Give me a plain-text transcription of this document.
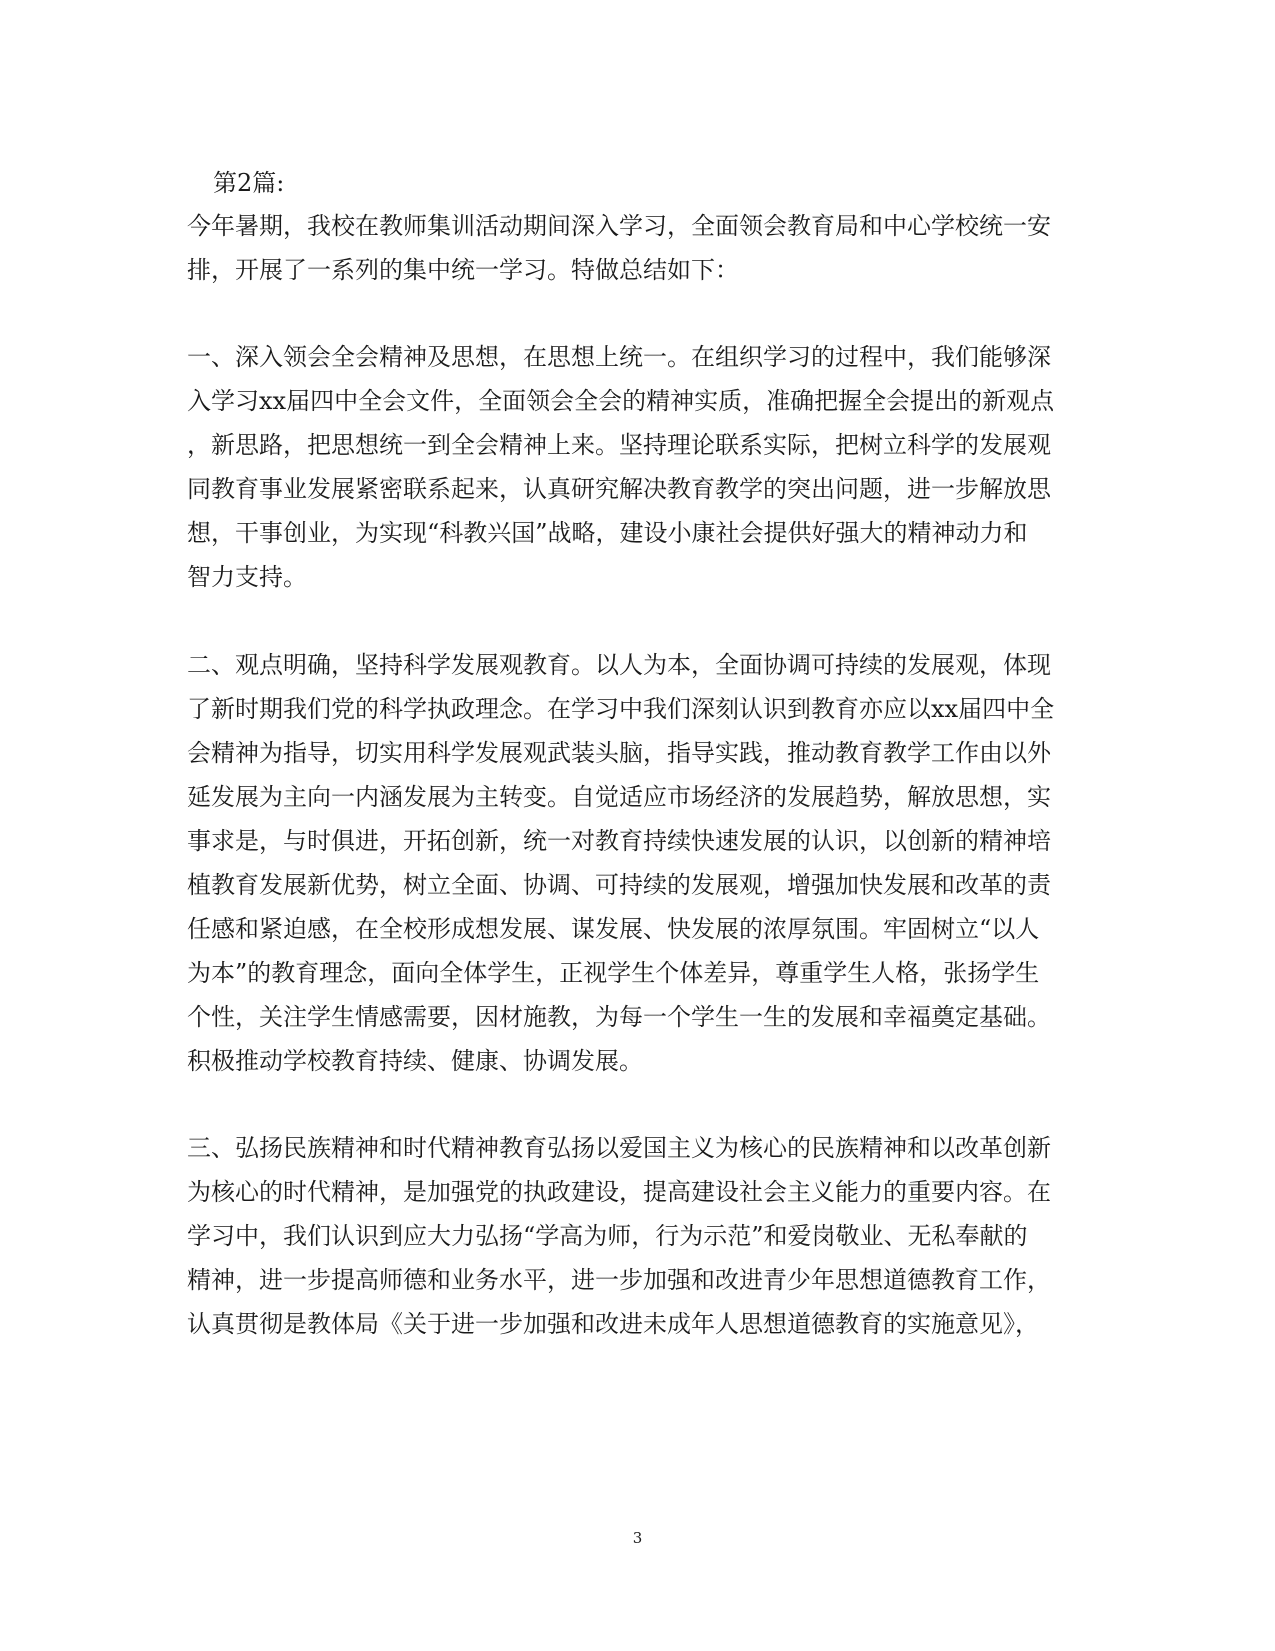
第2篇:

今年暑期，我校在教师集训活动期间深入学习，全面领会教育局和中心学校统一安

排，开展了一系列的集中统一学习。特做总结如下：

一、深入领会全会精神及思想，在思想上统一。在组织学习的过程中，我们能够深

入学习xx届四中全会文件，全面领会全会的精神实质，准确把握全会提出的新观点

，新思路，把思想统一到全会精神上来。坚持理论联系实际，把树立科学的发展观

同教育事业发展紧密联系起来，认真研究解决教育教学的突出问题，进一步解放思

想，干事创业，为实现“科教兴国”战略，建设小康社会提供好强大的精神动力和

智力支持。

二、观点明确，坚持科学发展观教育。以人为本，全面协调可持续的发展观，体现

了新时期我们党的科学执政理念。在学习中我们深刻认识到教育亦应以xx届四中全

会精神为指导，切实用科学发展观武装头脑，指导实践，推动教育教学工作由以外

延发展为主向一内涵发展为主转变。自觉适应市场经济的发展趋势，解放思想，实

事求是，与时俱进，开拓创新，统一对教育持续快速发展的认识，以创新的精神培

植教育发展新优势，树立全面、协调、可持续的发展观，增强加快发展和改革的责

任感和紧迫感，在全校形成想发展、谋发展、快发展的浓厚氛围。牢固树立“以人

为本”的教育理念，面向全体学生，正视学生个体差异，尊重学生人格，张扬学生

个性，关注学生情感需要，因材施教，为每一个学生一生的发展和幸福奠定基础。

积极推动学校教育持续、健康、协调发展。

三、弘扬民族精神和时代精神教育弘扬以爱国主义为核心的民族精神和以改革创新

为核心的时代精神，是加强党的执政建设，提高建设社会主义能力的重要内容。在

学习中，我们认识到应大力弘扬“学高为师，行为示范”和爱岗敬业、无私奉献的

精神，进一步提高师德和业务水平，进一步加强和改进青少年思想道德教育工作，

认真贯彻是教体局《关于进一步加强和改进未成年人思想道德教育的实施意见》，

3
